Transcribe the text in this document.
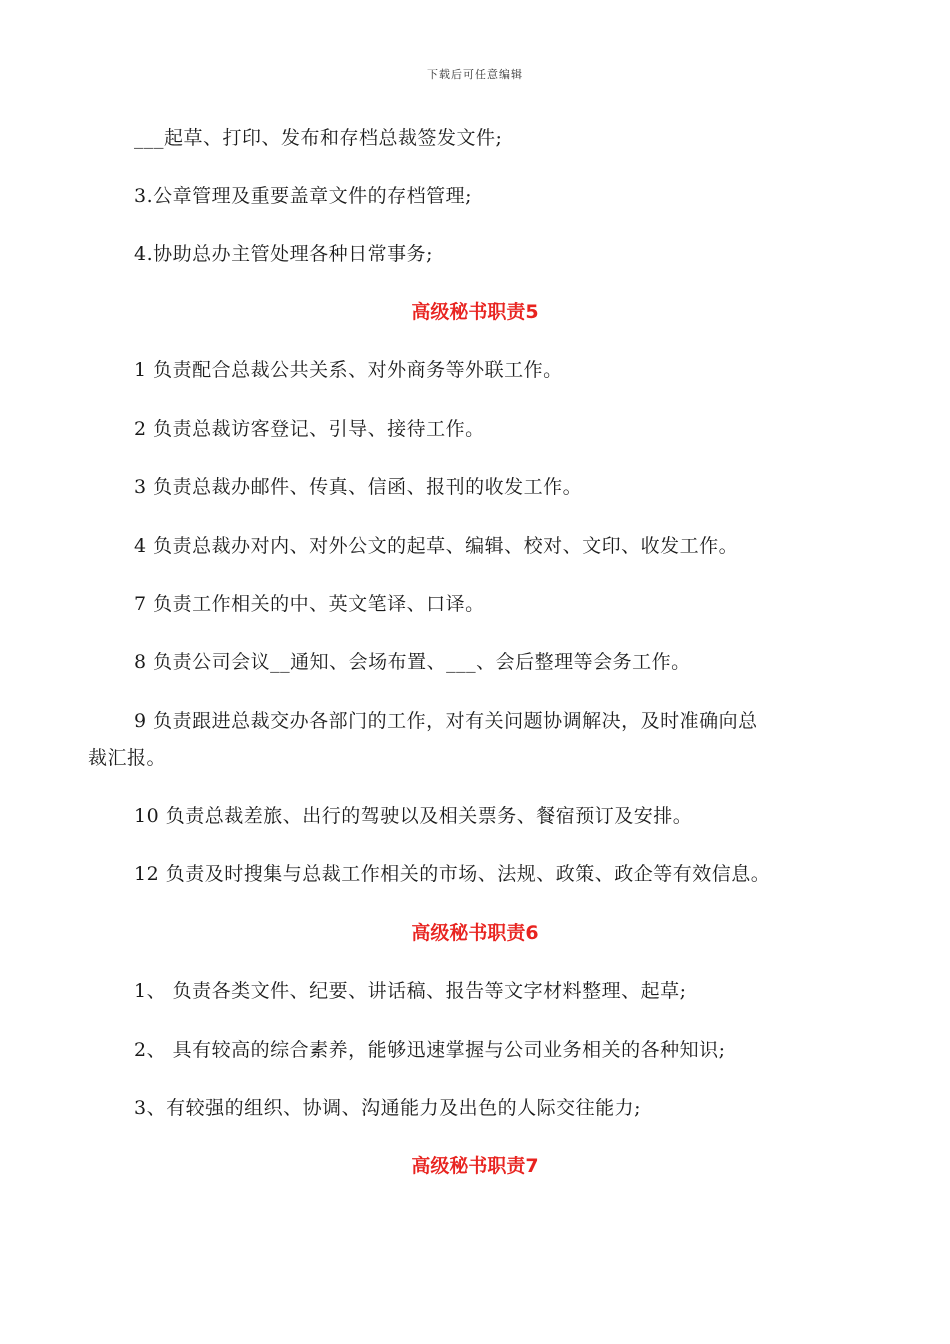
下载后可任意编辑
___起草、打印、发布和存档总裁签发文件;
3.公章管理及重要盖章文件的存档管理;
4.协助总办主管处理各种日常事务;
高级秘书职责5
1 负责配合总裁公共关系、对外商务等外联工作。
2 负责总裁访客登记、引导、接待工作。
3 负责总裁办邮件、传真、信函、报刊的收发工作。
4 负责总裁办对内、对外公文的起草、编辑、校对、文印、收发工作。
7 负责工作相关的中、英文笔译、口译。
8 负责公司会议__通知、会场布置、___、会后整理等会务工作。
9 负责跟进总裁交办各部门的工作，对有关问题协调解决，及时准确向总
裁汇报。
10 负责总裁差旅、出行的驾驶以及相关票务、餐宿预订及安排。
12 负责及时搜集与总裁工作相关的市场、法规、政策、政企等有效信息。
高级秘书职责6
1、 负责各类文件、纪要、讲话稿、报告等文字材料整理、起草;
2、 具有较高的综合素养，能够迅速掌握与公司业务相关的各种知识;
3、有较强的组织、协调、沟通能力及出色的人际交往能力;
高级秘书职责7
